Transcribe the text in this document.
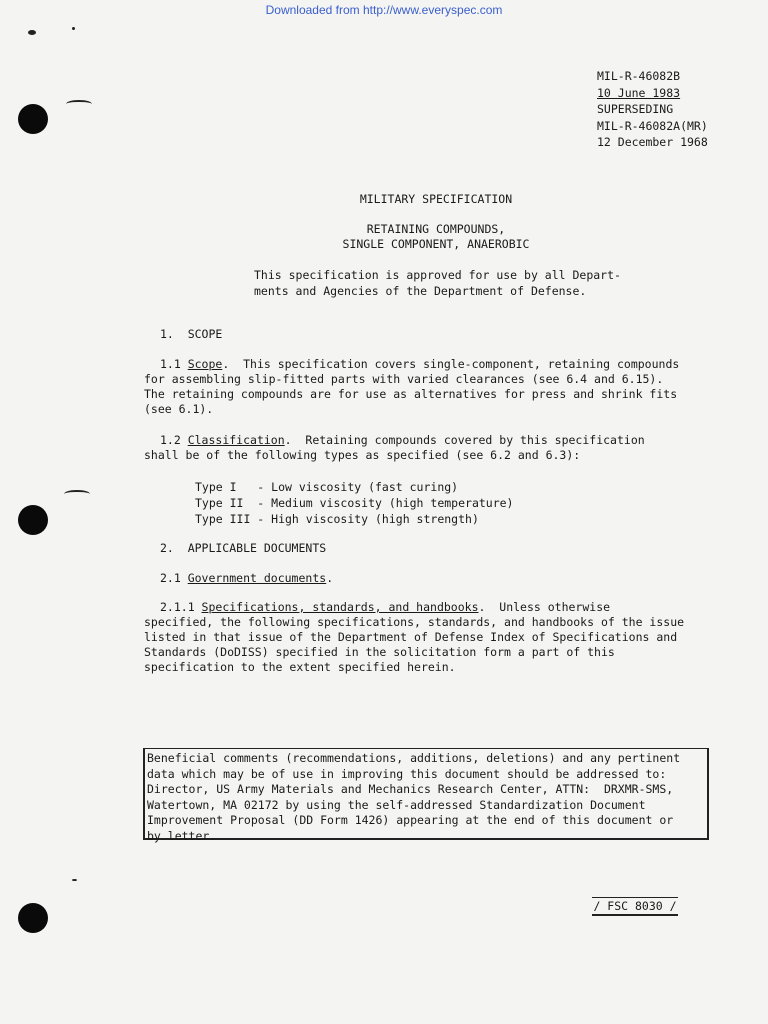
Downloaded from http://www.everyspec.com
MIL-R-46082B
10 June 1983
SUPERSEDING
MIL-R-46082A(MR)
12 December 1968
MILITARY SPECIFICATION
RETAINING COMPOUNDS,
SINGLE COMPONENT, ANAEROBIC
This specification is approved for use by all Depart-
ments and Agencies of the Department of Defense.
1.  SCOPE
1.1 Scope.  This specification covers single-component, retaining compounds
for assembling slip-fitted parts with varied clearances (see 6.4 and 6.15).
The retaining compounds are for use as alternatives for press and shrink fits
(see 6.1).
1.2 Classification.  Retaining compounds covered by this specification
shall be of the following types as specified (see 6.2 and 6.3):
Type I   - Low viscosity (fast curing)
Type II  - Medium viscosity (high temperature)
Type III - High viscosity (high strength)
2.  APPLICABLE DOCUMENTS
2.1 Government documents.
2.1.1 Specifications, standards, and handbooks.  Unless otherwise
specified, the following specifications, standards, and handbooks of the issue
listed in that issue of the Department of Defense Index of Specifications and
Standards (DoDISS) specified in the solicitation form a part of this
specification to the extent specified herein.
Beneficial comments (recommendations, additions, deletions) and any pertinent
data which may be of use in improving this document should be addressed to:
Director, US Army Materials and Mechanics Research Center, ATTN:  DRXMR-SMS,
Watertown, MA 02172 by using the self-addressed Standardization Document
Improvement Proposal (DD Form 1426) appearing at the end of this document or
by letter.
/ FSC 8030 /
